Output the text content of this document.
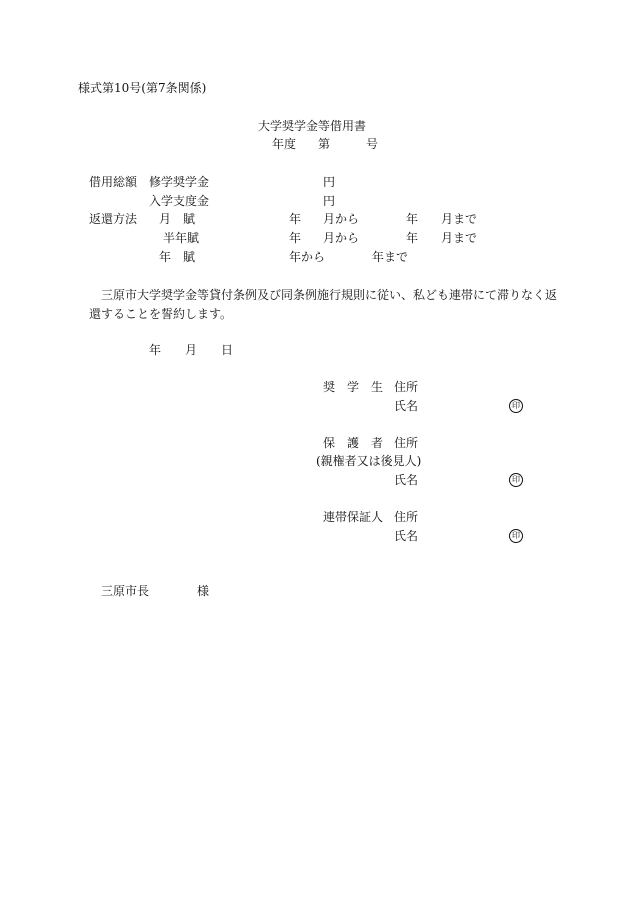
様式第10号(第7条関係)
大学奨学金等借用書
年度 第	号
借用総額 修学奨学金	円
入学支度金	円
返還方法 月　賦	年 月から	年 月まで
半年賦	年 月から	年 月まで
年　賦	年から	年まで
三原市大学奨学金等貸付条例及び同条例施行規則に従い、私ども連帯にて滞りなく返
還することを誓約します。
年 月 日
奨　学　生 住所
氏名	印
保　護　者 住所
(親権者又は後見人)
氏名	印
連帯保証人 住所
氏名	印
三原市長	様
